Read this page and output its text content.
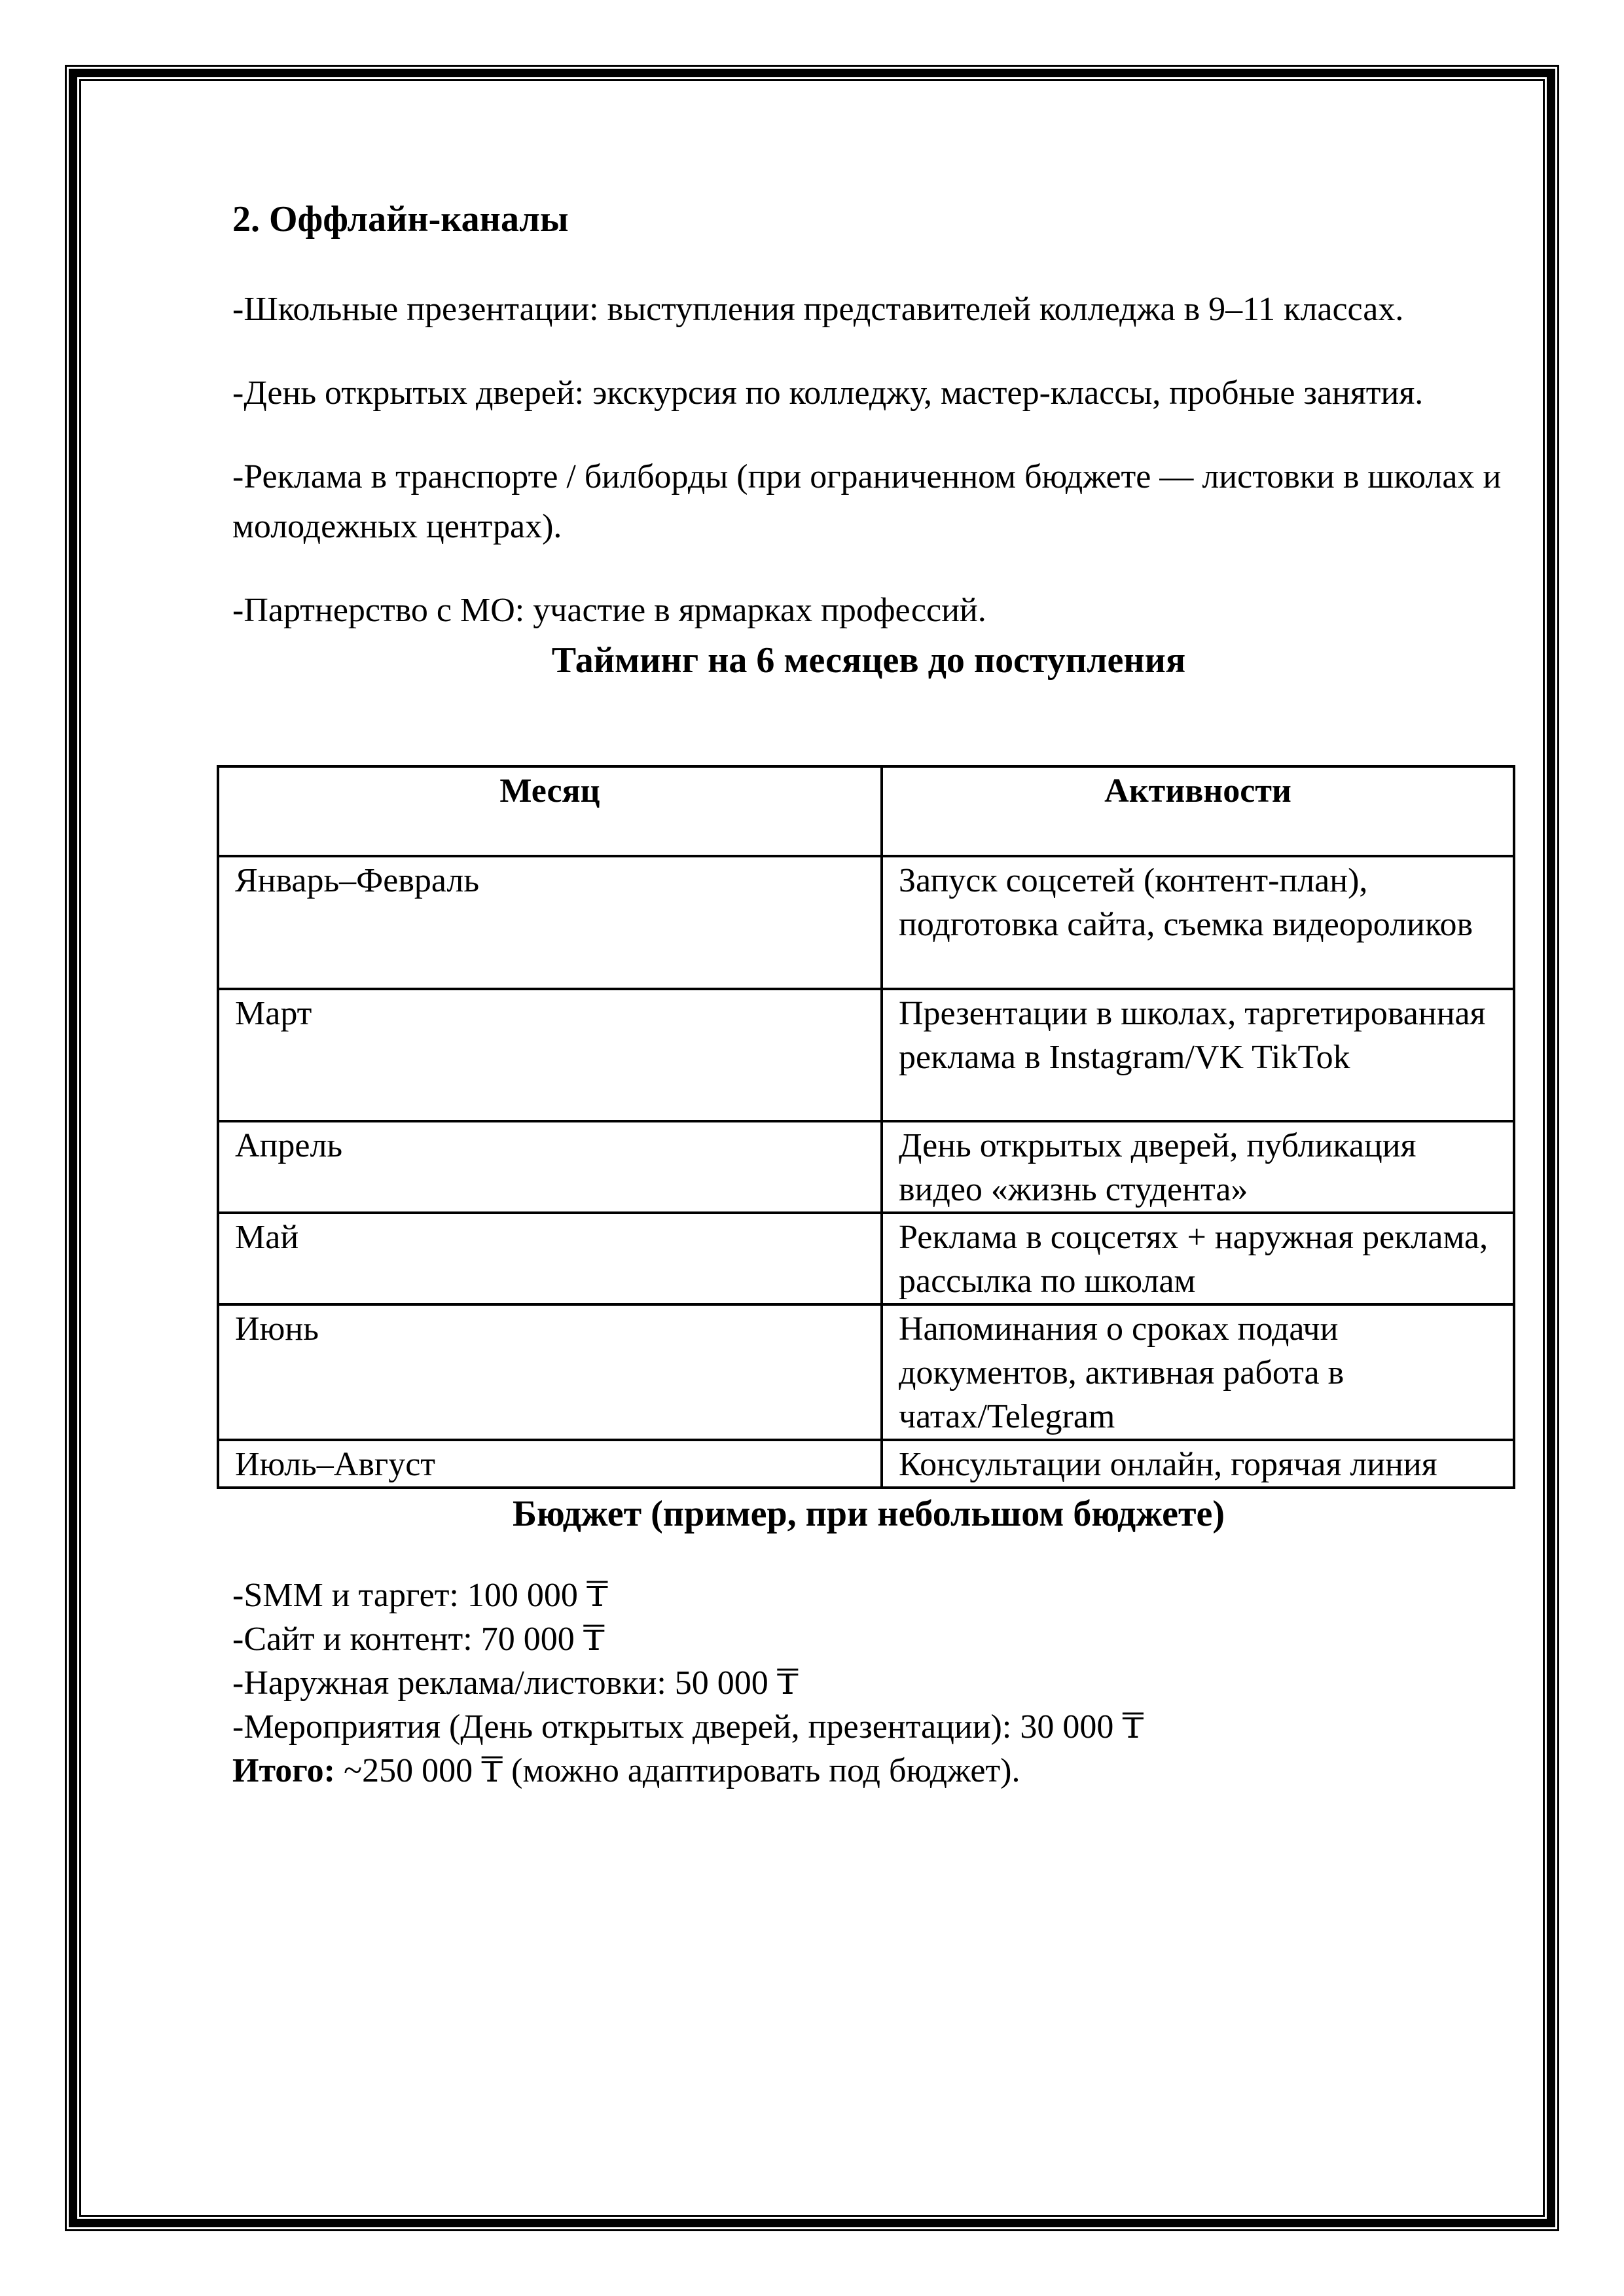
2. Оффлайн-каналы

-Школьные презентации: выступления представителей колледжа в 9–11 классах.

-День открытых дверей: экскурсия по колледжу, мастер-классы, пробные занятия.

-Реклама в транспорте / билборды (при ограниченном бюджете — листовки в школах и молодежных центрах).

-Партнерство с МО: участие в ярмарках профессий.

Тайминг на 6 месяцев до поступления
Месяц	Активности
Январь–Февраль	Запуск соцсетей (контент-план), подготовка сайта, съемка видеороликов
Март	Презентации в школах, таргетированная реклама в Instagram/VK TikTok
Апрель	День открытых дверей, публикация видео «жизнь студента»
Май	Реклама в соцсетях + наружная реклама, рассылка по школам
Июнь	Напоминания о сроках подачи документов, активная работа в чатах/Telegram
Июль–Август	Консультации онлайн, горячая линия
Бюджет (пример, при небольшом бюджете)

-SMM и таргет: 100 000 ₸

-Сайт и контент: 70 000 ₸

-Наружная реклама/листовки: 50 000 ₸

-Мероприятия (День открытых дверей, презентации): 30 000 ₸

Итого: ~250 000 ₸ (можно адаптировать под бюджет).
